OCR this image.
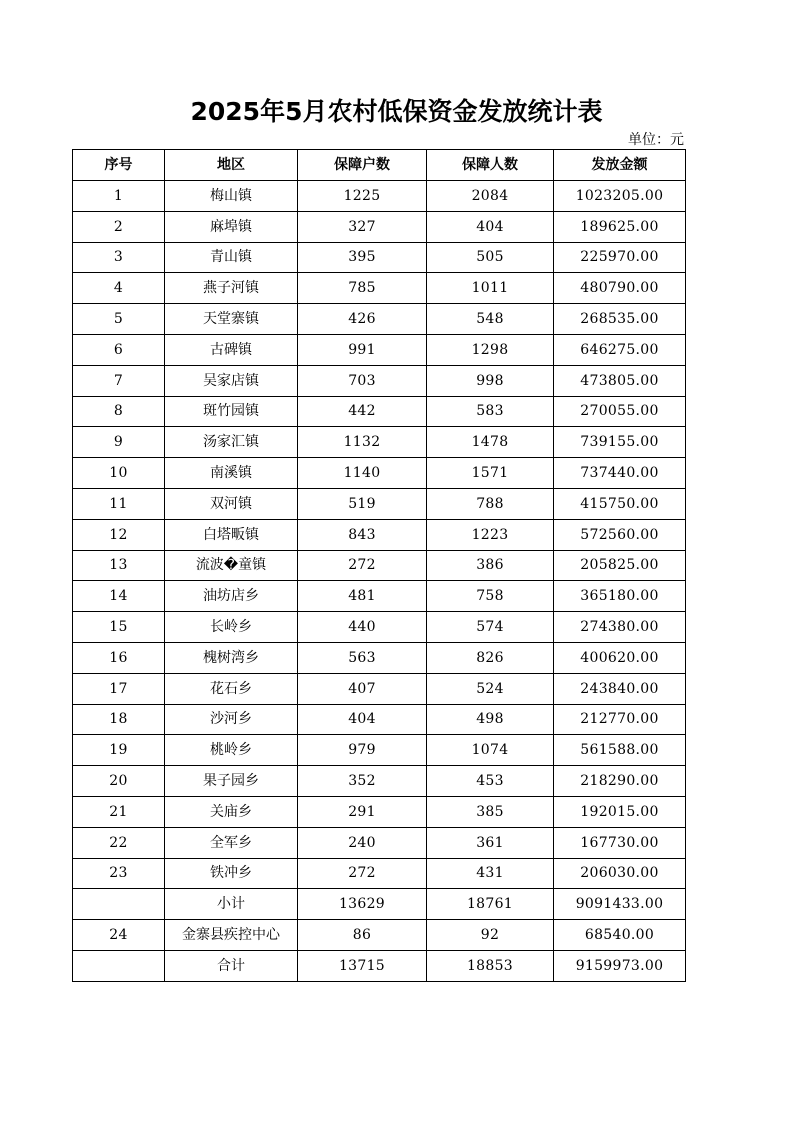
2025年5月农村低保资金发放统计表
单位：元
序号	地区	保障户数	保障人数	发放金额
1	梅山镇	1225	2084	1023205.00
2	麻埠镇	327	404	189625.00
3	青山镇	395	505	225970.00
4	燕子河镇	785	1011	480790.00
5	天堂寨镇	426	548	268535.00
6	古碑镇	991	1298	646275.00
7	吴家店镇	703	998	473805.00
8	斑竹园镇	442	583	270055.00
9	汤家汇镇	1132	1478	739155.00
10	南溪镇	1140	1571	737440.00
11	双河镇	519	788	415750.00
12	白塔畈镇	843	1223	572560.00
13	流波�童镇	272	386	205825.00
14	油坊店乡	481	758	365180.00
15	长岭乡	440	574	274380.00
16	槐树湾乡	563	826	400620.00
17	花石乡	407	524	243840.00
18	沙河乡	404	498	212770.00
19	桃岭乡	979	1074	561588.00
20	果子园乡	352	453	218290.00
21	关庙乡	291	385	192015.00
22	全军乡	240	361	167730.00
23	铁冲乡	272	431	206030.00
	小计	13629	18761	9091433.00
24	金寨县疾控中心	86	92	68540.00
	合计	13715	18853	9159973.00
